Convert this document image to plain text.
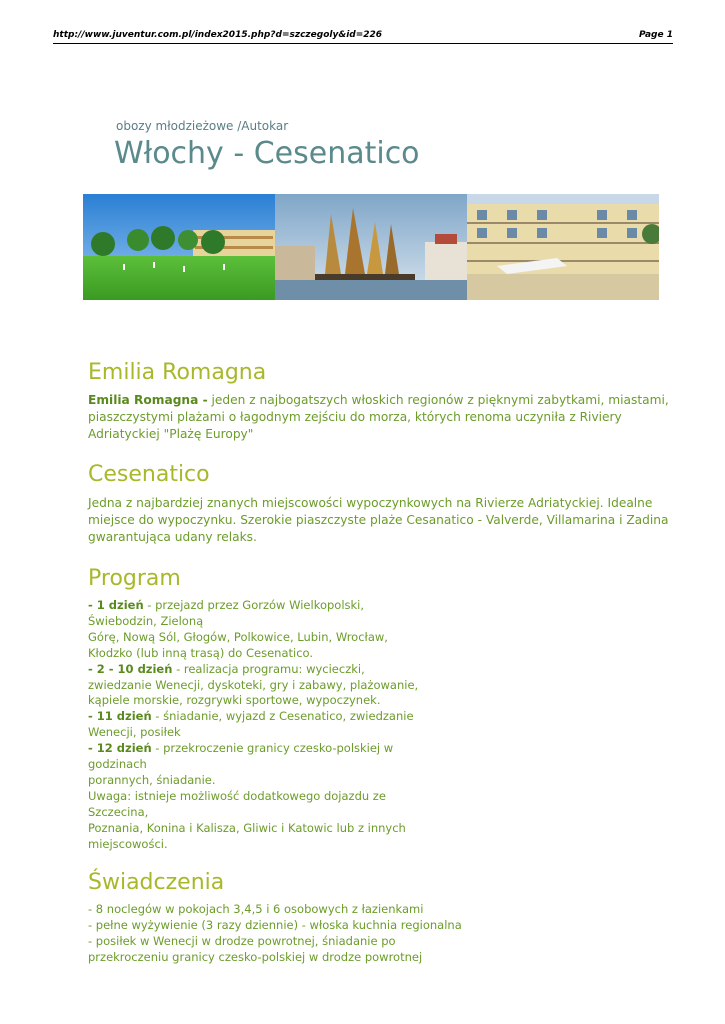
http://www.juventur.com.pl/index2015.php?d=szczegoly&id=226	Page 1
obozy młodzieżowe /Autokar
Włochy - Cesenatico
Emilia Romagna

Emilia Romagna - jeden z najbogatszych włoskich regionów z pięknymi zabytkami, miastami, piaszczystymi plażami o łagodnym zejściu do morza, których renoma uczyniła z Riviery Adriatyckiej "Plażę Europy"

Cesenatico

Jedna z najbardziej znanych miejscowości wypoczynkowych na Rivierze Adriatyckiej. Idealne miejsce do wypoczynku. Szerokie piaszczyste plaże Cesanatico - Valverde, Villamarina i Zadina gwarantująca udany relaks.

Program
- 1 dzień - przejazd przez Gorzów Wielkopolski,
Świebodzin, Zieloną
Górę, Nową Sól, Głogów, Polkowice, Lubin, Wrocław,
Kłodzko (lub inną trasą) do Cesenatico.
- 2 - 10 dzień - realizacja programu: wycieczki,
zwiedzanie Wenecji, dyskoteki, gry i zabawy, plażowanie,
kąpiele morskie, rozgrywki sportowe, wypoczynek.
- 11 dzień - śniadanie, wyjazd z Cesenatico, zwiedzanie
Wenecji, posiłek
- 12 dzień - przekroczenie granicy czesko-polskiej w
godzinach
porannych, śniadanie.
Uwaga: istnieje możliwość dodatkowego dojazdu ze
Szczecina,
Poznania, Konina i Kalisza, Gliwic i Katowic lub z innych
miejscowości.
Świadczenia
- 8 noclegów w pokojach 3,4,5 i 6 osobowych z łazienkami
- pełne wyżywienie (3 razy dziennie) - włoska kuchnia regionalna
- posiłek w Wenecji w drodze powrotnej, śniadanie po
przekroczeniu granicy czesko-polskiej w drodze powrotnej
